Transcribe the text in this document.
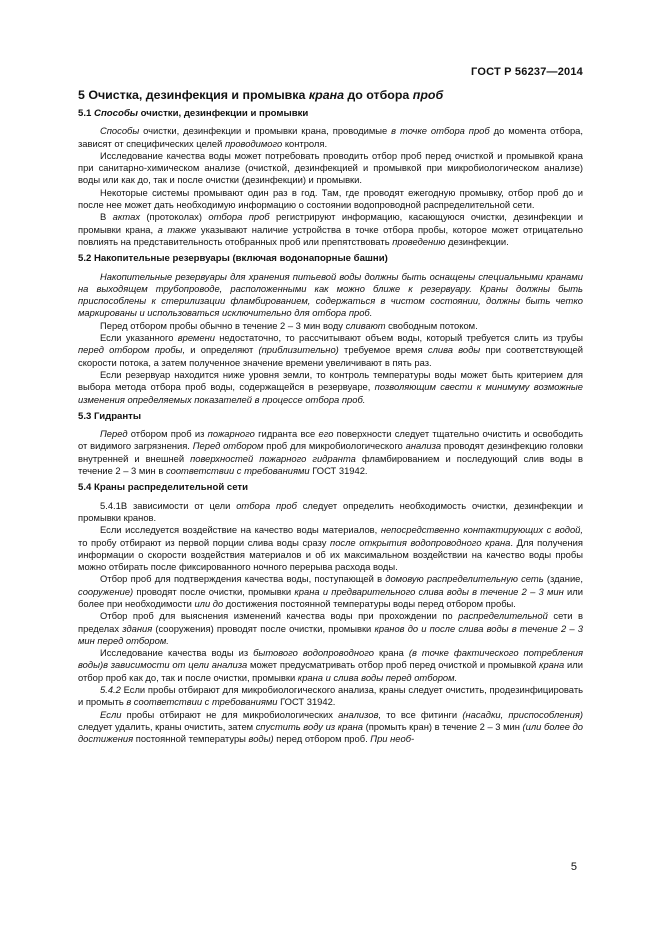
ГОСТ Р 56237—2014
5 Очистка, дезинфекция и промывка крана до отбора проб
5.1 Способы очистки, дезинфекции и промывки

Способы очистки, дезинфекции и промывки крана, проводимые в точке отбора проб до момента отбора, зависят от специфических целей проводимого контроля.

Исследование качества воды может потребовать проводить отбор проб перед очисткой и промывкой крана при санитарно-химическом анализе (очисткой, дезинфекцией и промывкой при микробиологическом анализе) воды или как до, так и после очистки (дезинфекции) и промывки.

Некоторые системы промывают один раз в год. Там, где проводят ежегодную промывку, отбор проб до и после нее может дать необходимую информацию о состоянии водопроводной распределительной сети.

В актах (протоколах) отбора проб регистрируют информацию, касающуюся очистки, дезинфекции и промывки крана, а также указывают наличие устройства в точке отбора пробы, которое может отрицательно повлиять на представительность отобранных проб или препятствовать проведению дезинфекции.

5.2 Накопительные резервуары (включая водонапорные башни)

Накопительные резервуары для хранения питьевой воды должны быть оснащены специальными кранами на выходящем трубопроводе, расположенными как можно ближе к резервуару. Краны должны быть приспособлены к стерилизации фламбированием, содержаться в чистом состоянии, должны быть четко маркированы и использоваться исключительно для отбора проб.

Перед отбором пробы обычно в течение 2 – 3 мин воду сливают свободным потоком.

Если указанного времени недостаточно, то рассчитывают объем воды, который требуется слить из трубы перед отбором пробы, и определяют (приблизительно) требуемое время слива воды при соответствующей скорости потока, а затем полученное значение времени увеличивают в пять раз.

Если резервуар находится ниже уровня земли, то контроль температуры воды может быть критерием для выбора метода отбора проб воды, содержащейся в резервуаре, позволяющим свести к минимуму возможные изменения определяемых показателей в процессе отбора проб.

5.3 Гидранты

Перед отбором проб из пожарного гидранта все его поверхности следует тщательно очистить и освободить от видимого загрязнения. Перед отбором проб для микробиологического анализа проводят дезинфекцию головки внутренней и внешней поверхностей пожарного гидранта фламбированием и последующий слив воды в течение 2 – 3 мин в соответствии с требованиями ГОСТ 31942.

5.4 Краны распределительной сети

5.4.1В зависимости от цели отбора проб следует определить необходимость очистки, дезинфекции и промывки кранов.

Если исследуется воздействие на качество воды материалов, непосредственно контактирующих с водой, то пробу отбирают из первой порции слива воды сразу после открытия водопроводного крана. Для получения информации о скорости воздействия материалов и об их максимальном воздействии на качество воды пробы можно отбирать после фиксированного ночного перерыва расхода воды.

Отбор проб для подтверждения качества воды, поступающей в домовую распределительную сеть (здание, сооружение) проводят после очистки, промывки крана и предварительного слива воды в течение 2 – 3 мин или более при необходимости или до достижения постоянной температуры воды перед отбором пробы.

Отбор проб для выяснения изменений качества воды при прохождении по распределительной сети в пределах здания (сооружения) проводят после очистки, промывки кранов до и после слива воды в течение 2 – 3 мин перед отбором.

Исследование качества воды из бытового водопроводного крана (в точке фактического потребления воды)в зависимости от цели анализа может предусматривать отбор проб перед очисткой и промывкой крана или отбор проб как до, так и после очистки, промывки крана и слива воды перед отбором.

5.4.2 Если пробы отбирают для микробиологического анализа, краны следует очистить, продезинфицировать и промыть в соответствии с требованиями ГОСТ 31942.

Если пробы отбирают не для микробиологических анализов, то все фитинги (насадки, приспособления) следует удалить, краны очистить, затем спустить воду из крана (промыть кран) в течение 2 – 3 мин (или более до достижения постоянной температуры воды) перед отбором проб. При необ-

5
